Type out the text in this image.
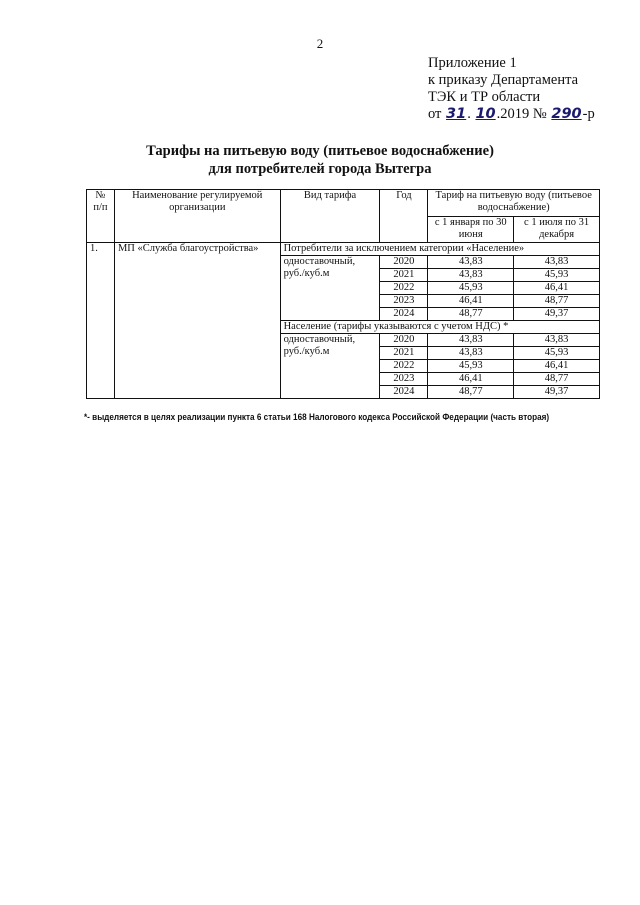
2
Приложение 1
к приказу Департамента
ТЭК и ТР области
от 31. 10.2019 № 290-р
Тарифы на питьевую воду (питьевое водоснабжение)
для потребителей города Вытегра
№ п/п	Наименование регулируемой организации	Вид тарифа	Год	Тариф на питьевую воду (питьевое водоснабжение)	
				с 1 января по 30 июня	с 1 июля по 31 декабря
1.	МП «Служба благоустройства»	Потребители за исключением категории «Население»			
		одноставочный, руб./куб.м	2020	43,83	43,83
			2021	43,83	45,93
			2022	45,93	46,41
			2023	46,41	48,77
			2024	48,77	49,37
		Население (тарифы указываются с учетом НДС) *			
		одноставочный, руб./куб.м	2020	43,83	43,83
			2021	43,83	45,93
			2022	45,93	46,41
			2023	46,41	48,77
			2024	48,77	49,37
*- выделяется в целях реализации пункта 6 статьи 168 Налогового кодекса Российской Федерации (часть вторая)
